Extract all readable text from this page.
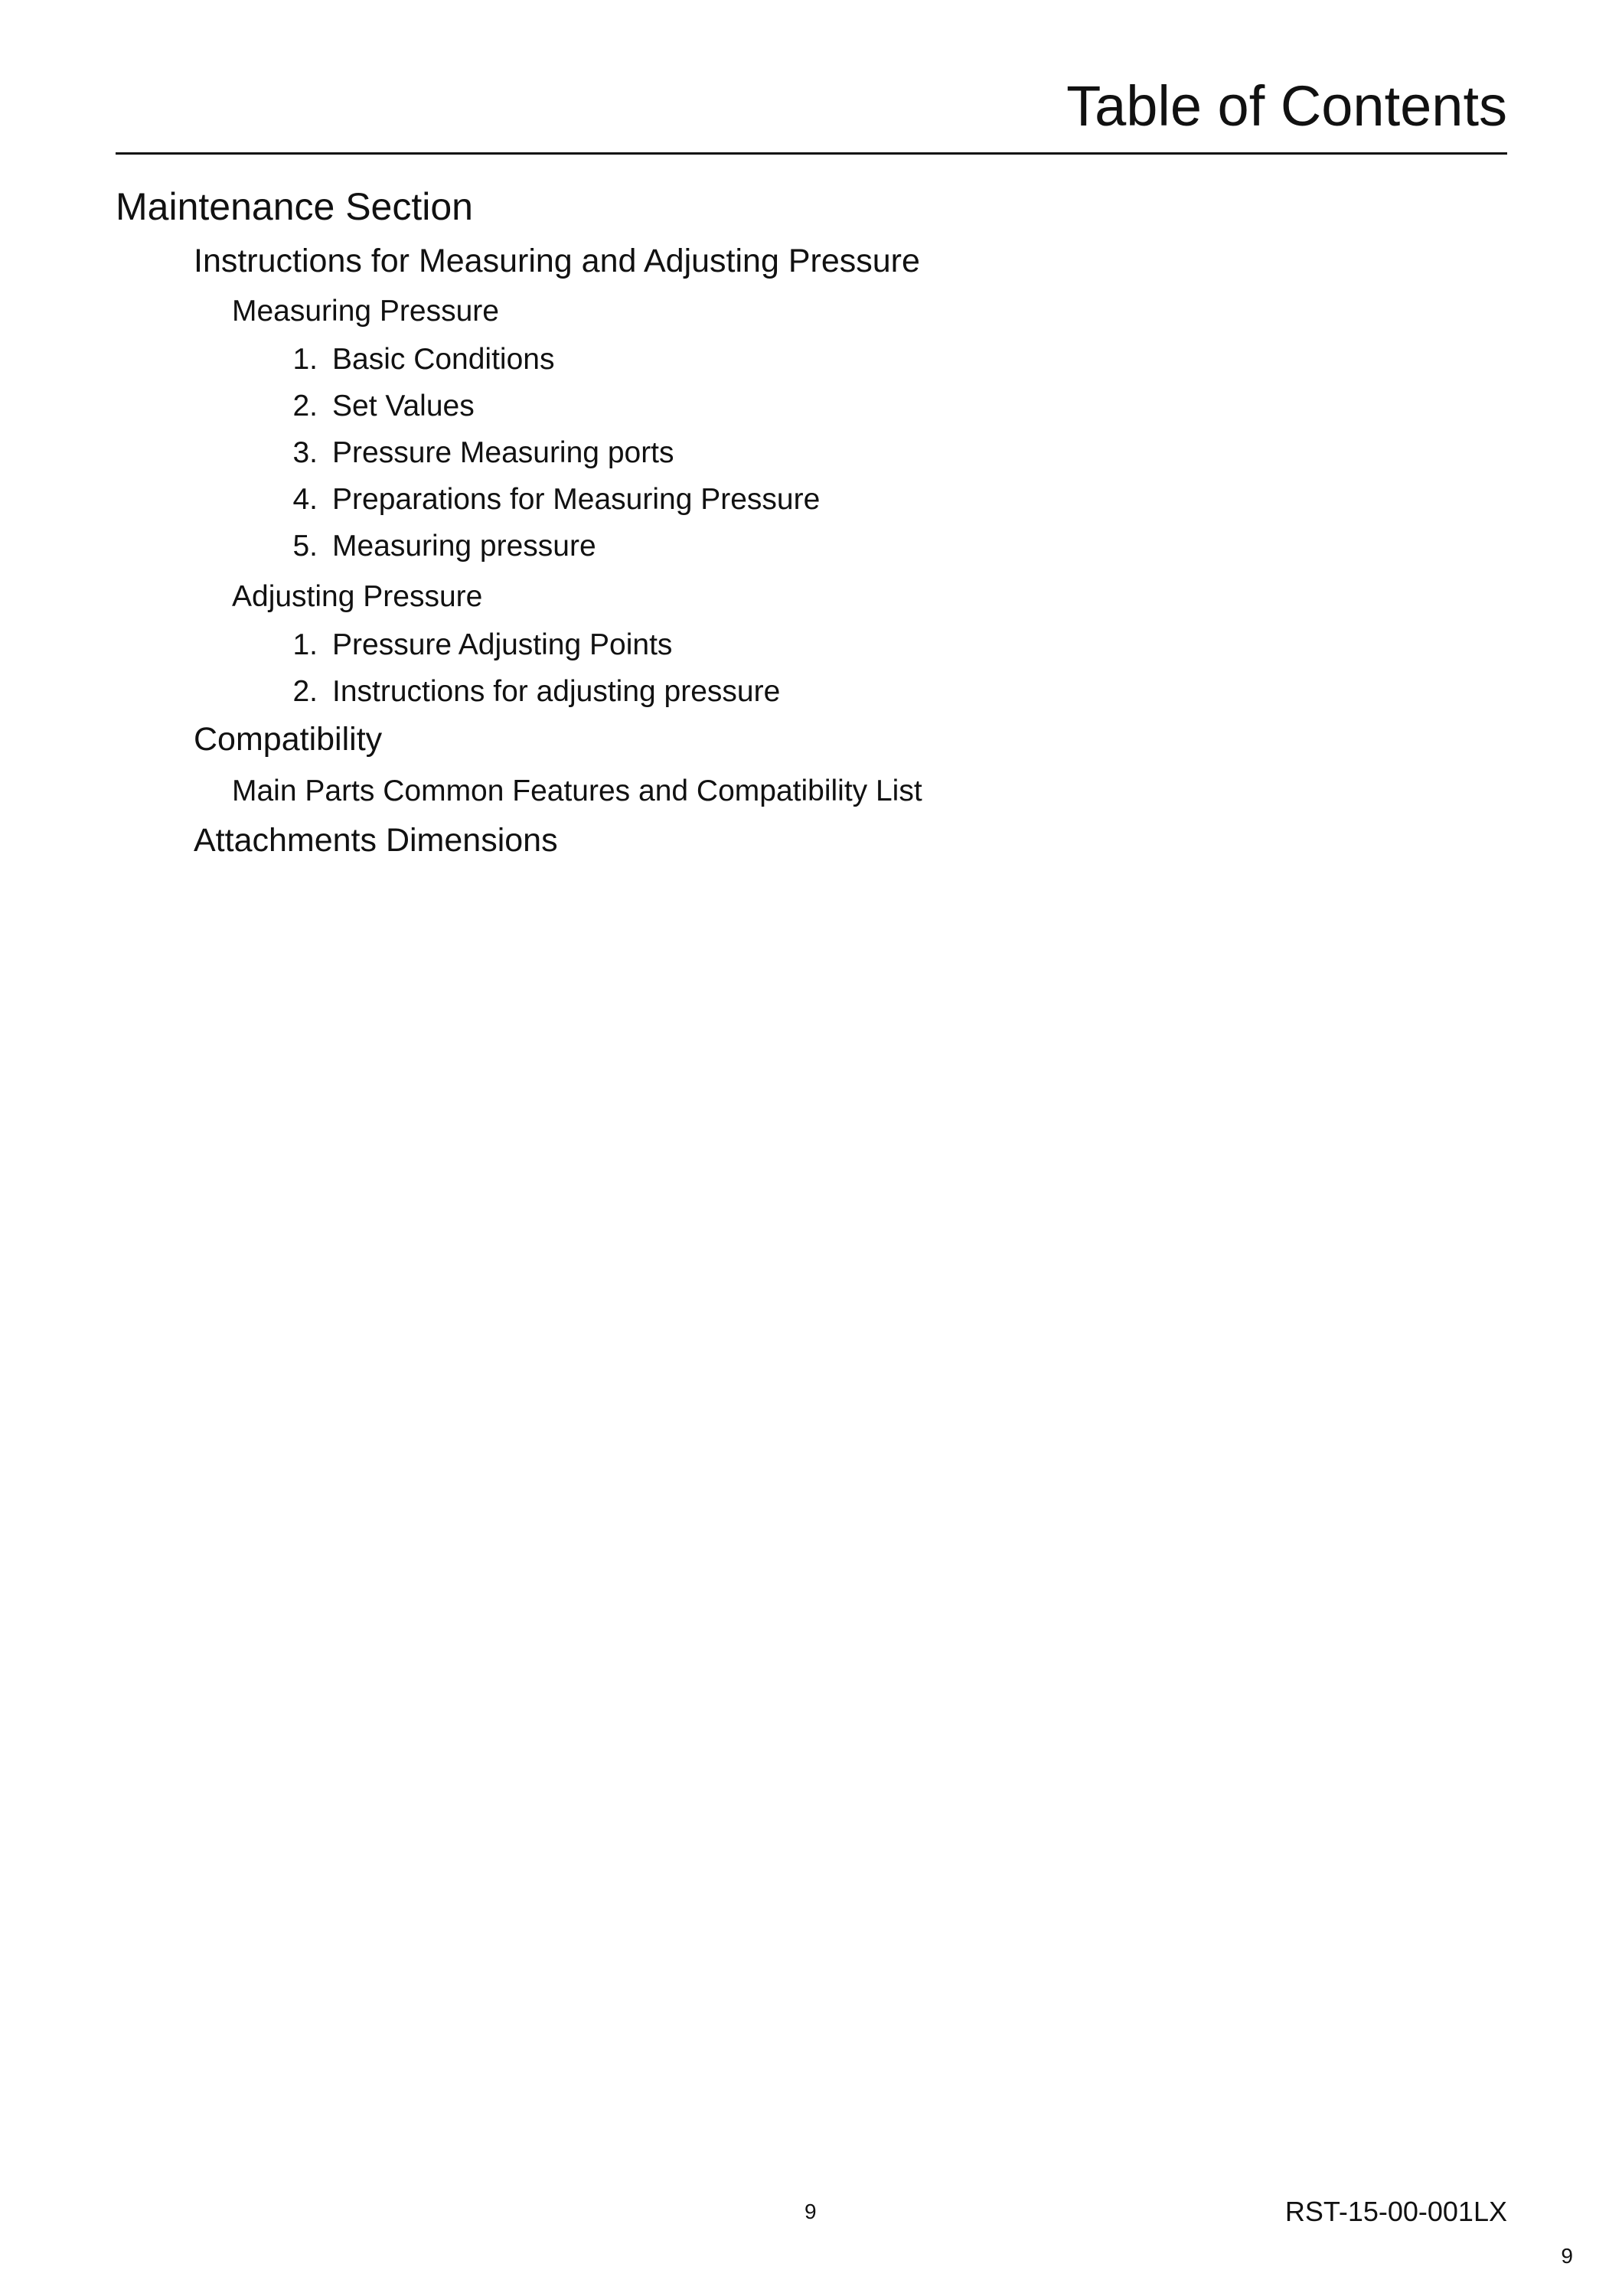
Table of Contents
Maintenance Section
Instructions for Measuring and Adjusting Pressure
Measuring Pressure
1. Basic Conditions
2. Set Values
3. Pressure Measuring ports
4. Preparations for Measuring Pressure
5. Measuring pressure
Adjusting Pressure
1. Pressure Adjusting Points
2. Instructions for adjusting pressure
Compatibility
Main Parts Common Features and Compatibility List
Attachments Dimensions
9	RST-15-00-001LX
9
